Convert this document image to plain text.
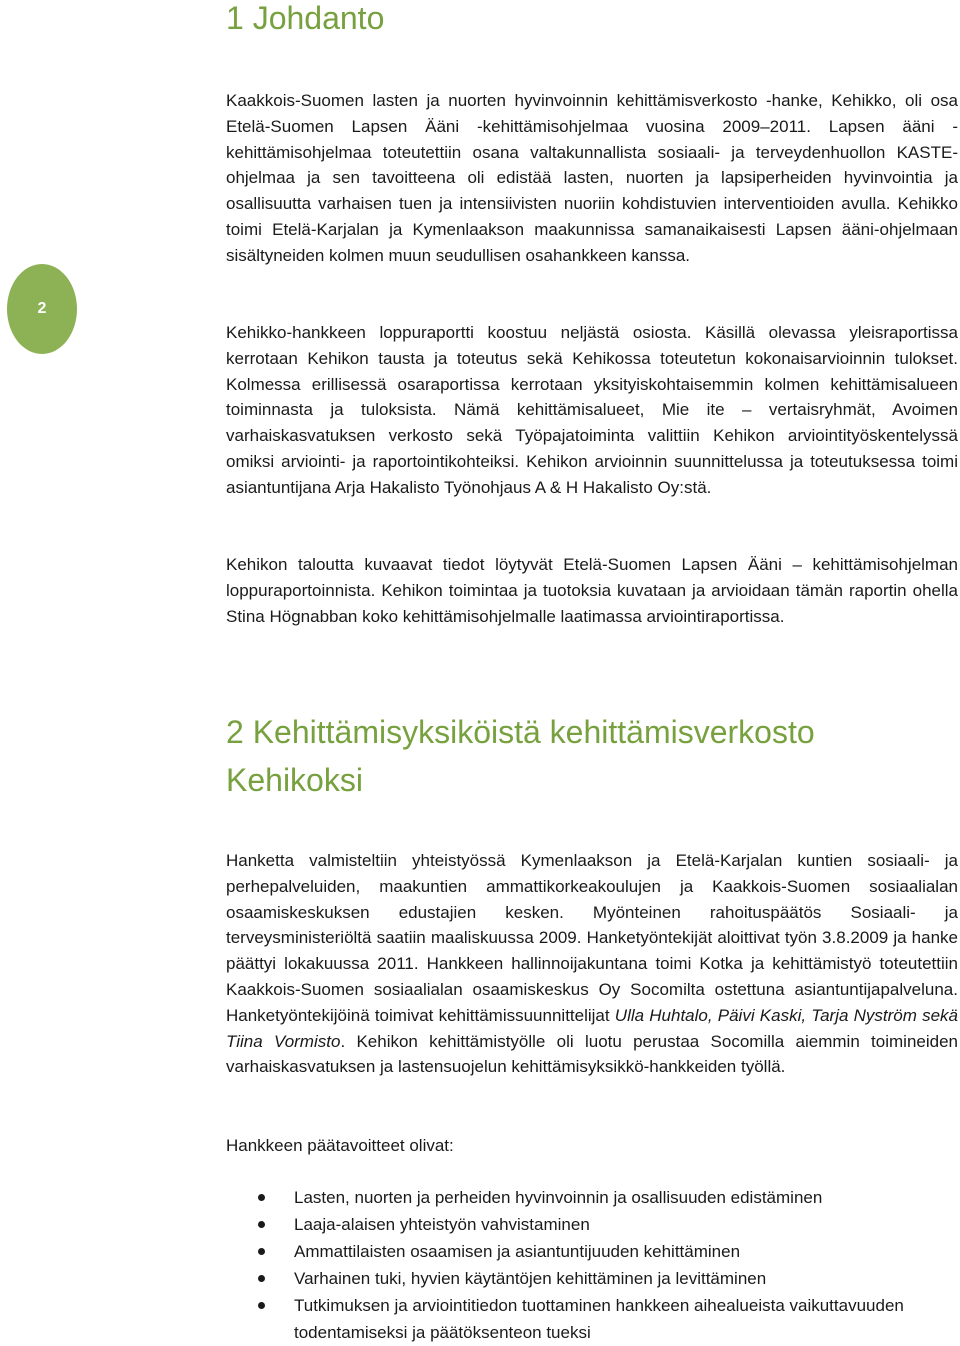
2
1 Johdanto

Kaakkois-Suomen lasten ja nuorten hyvinvoinnin kehittämisverkosto -hanke, Kehikko, oli osa Etelä-Suomen Lapsen Ääni -kehittämisohjelmaa vuosina 2009–2011. Lapsen ääni -kehittämisohjelmaa toteutettiin osana valtakunnallista sosiaali- ja terveydenhuollon KASTE-ohjelmaa ja sen tavoitteena oli edistää lasten, nuorten ja lapsiperheiden hyvinvointia ja osallisuutta varhaisen tuen ja intensiivisten nuoriin kohdistuvien interventioiden avulla. Kehikko toimi Etelä-Karjalan ja Kymenlaakson maakunnissa samanaikaisesti Lapsen ääni-ohjelmaan sisältyneiden kolmen muun seudullisen osahankkeen kanssa.

Kehikko-hankkeen loppuraportti koostuu neljästä osiosta. Käsillä olevassa yleisraportissa kerrotaan Kehikon tausta ja toteutus sekä Kehikossa toteutetun kokonaisarvioinnin tulokset. Kolmessa erillisessä osaraportissa kerrotaan yksityiskohtaisemmin kolmen kehittämisalueen toiminnasta ja tuloksista. Nämä kehittämisalueet, Mie ite – vertaisryhmät, Avoimen varhaiskasvatuksen verkosto sekä Työpajatoiminta valittiin Kehikon arviointityöskentelyssä omiksi arviointi- ja raportointikohteiksi. Kehikon arvioinnin suunnittelussa ja toteutuksessa toimi asiantuntijana Arja Hakalisto Työnohjaus A & H Hakalisto Oy:stä.

Kehikon taloutta kuvaavat tiedot löytyvät Etelä-Suomen Lapsen Ääni – kehittämisohjelman loppuraportoinnista. Kehikon toimintaa ja tuotoksia kuvataan ja arvioidaan tämän raportin ohella Stina Högnabban koko kehittämisohjelmalle laatimassa arviointiraportissa.

2 Kehittämisyksiköistä kehittämisverkosto Kehikoksi

Hanketta valmisteltiin yhteistyössä Kymenlaakson ja Etelä-Karjalan kuntien sosiaali- ja perhepalveluiden, maakuntien ammattikorkeakoulujen ja Kaakkois-Suomen sosiaalialan osaamiskeskuksen edustajien kesken. Myönteinen rahoituspäätös Sosiaali- ja terveysministeriöltä saatiin maaliskuussa 2009. Hanketyöntekijät aloittivat työn 3.8.2009 ja hanke päättyi lokakuussa 2011. Hankkeen hallinnoijakuntana toimi Kotka ja kehittämistyö toteutettiin Kaakkois-Suomen sosiaalialan osaamiskeskus Oy Socomilta ostettuna asiantuntijapalveluna. Hanketyöntekijöinä toimivat kehittämissuunnittelijat Ulla Huhtalo, Päivi Kaski, Tarja Nyström sekä Tiina Vormisto. Kehikon kehittämistyölle oli luotu perustaa Socomilla aiemmin toimineiden varhaiskasvatuksen ja lastensuojelun kehittämisyksikkö-hankkeiden työllä.

Hankkeen päätavoitteet olivat:

Lasten, nuorten ja perheiden hyvinvoinnin ja osallisuuden edistäminen
Laaja-alaisen yhteistyön vahvistaminen
Ammattilaisten osaamisen ja asiantuntijuuden kehittäminen
Varhainen tuki, hyvien käytäntöjen kehittäminen ja levittäminen
Tutkimuksen ja arviointitiedon tuottaminen hankkeen aihealueista vaikuttavuuden todentamiseksi ja päätöksenteon tueksi
